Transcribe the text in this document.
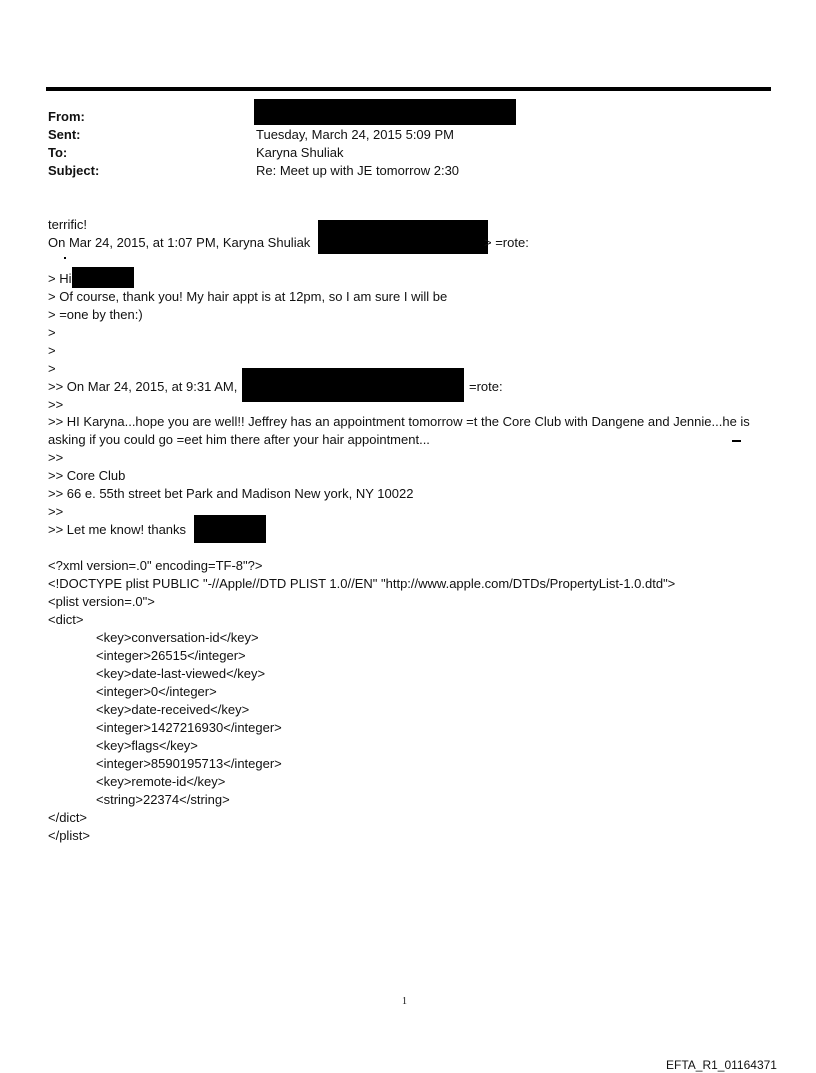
From:
Sent:	Tuesday, March 24, 2015 5:09 PM
To:	Karyna Shuliak
Subject:	Re: Meet up with JE tomorrow 2:30
terrific!
On Mar 24, 2015, at 1:07 PM, Karyna Shuliak	> =rote:
> Hi
> Of course, thank you! My hair appt is at 12pm, so I am sure I will be
> =one by then:)
>
>
>
>> On Mar 24, 2015, at 9:31 AM,	=rote:
>>
>> HI Karyna...hope you are well!! Jeffrey has an appointment tomorrow =t the Core Club with Dangene and Jennie...he is asking if you could go =eet him there after your hair appointment...
>>
>> Core Club
>> 66 e. 55th street bet Park and Madison New york, NY 10022
>>
>> Let me know! thanks
<?xml version=.0" encoding=TF-8"?>
<!DOCTYPE plist PUBLIC "-//Apple//DTD PLIST 1.0//EN" "http://www.apple.com/DTDs/PropertyList-1.0.dtd">
<plist version=.0">
<dict>
<key>conversation-id</key>
<integer>26515</integer>
<key>date-last-viewed</key>
<integer>0</integer>
<key>date-received</key>
<integer>1427216930</integer>
<key>flags</key>
<integer>8590195713</integer>
<key>remote-id</key>
<string>22374</string>
</dict>
</plist>
1
EFTA_R1_01164371
